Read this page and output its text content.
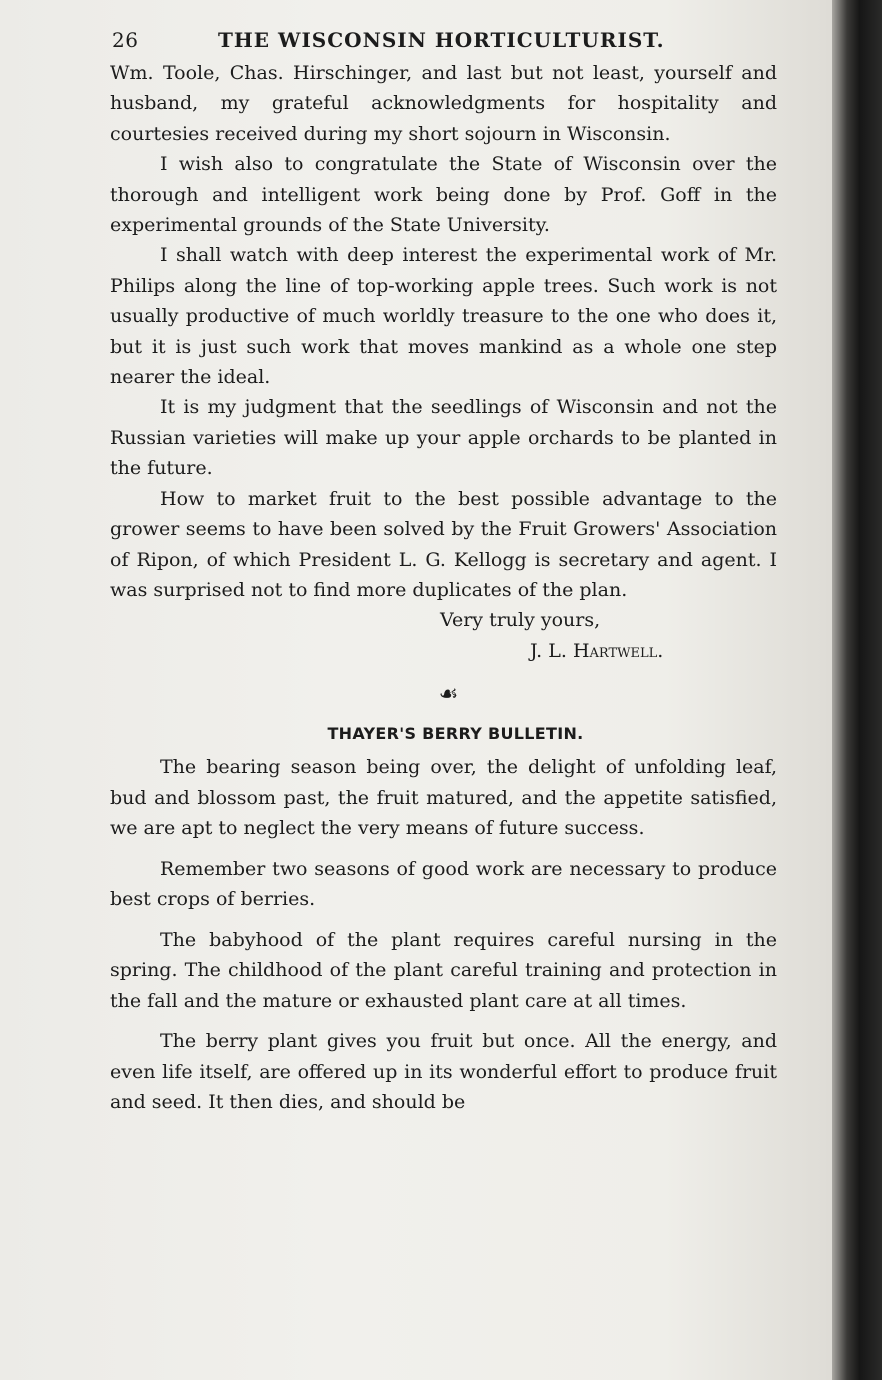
26	THE WISCONSIN HORTICULTURIST.

Wm. Toole, Chas. Hirschinger, and last but not least, yourself and husband, my grateful acknowledgments for hospitality and courtesies received during my short sojourn in Wisconsin.

I wish also to congratulate the State of Wisconsin over the thorough and intelligent work being done by Prof. Goff in the experimental grounds of the State University.

I shall watch with deep interest the experimental work of Mr. Philips along the line of top-working apple trees. Such work is not usually productive of much worldly treasure to the one who does it, but it is just such work that moves mankind as a whole one step nearer the ideal.

It is my judgment that the seedlings of Wisconsin and not the Russian varieties will make up your apple orchards to be planted in the future.

How to market fruit to the best possible advantage to the grower seems to have been solved by the Fruit Growers' Association of Ripon, of which President L. G. Kellogg is secretary and agent. I was surprised not to find more duplicates of the plan.

Very truly yours,
J. L. Hartwell.
☙
THAYER'S BERRY BULLETIN.

The bearing season being over, the delight of unfolding leaf, bud and blossom past, the fruit matured, and the appetite satisfied, we are apt to neglect the very means of future success.

Remember two seasons of good work are necessary to produce best crops of berries.

The babyhood of the plant requires careful nursing in the spring. The childhood of the plant careful training and protection in the fall and the mature or exhausted plant care at all times.

The berry plant gives you fruit but once. All the energy, and even life itself, are offered up in its wonderful effort to produce fruit and seed. It then dies, and should be
